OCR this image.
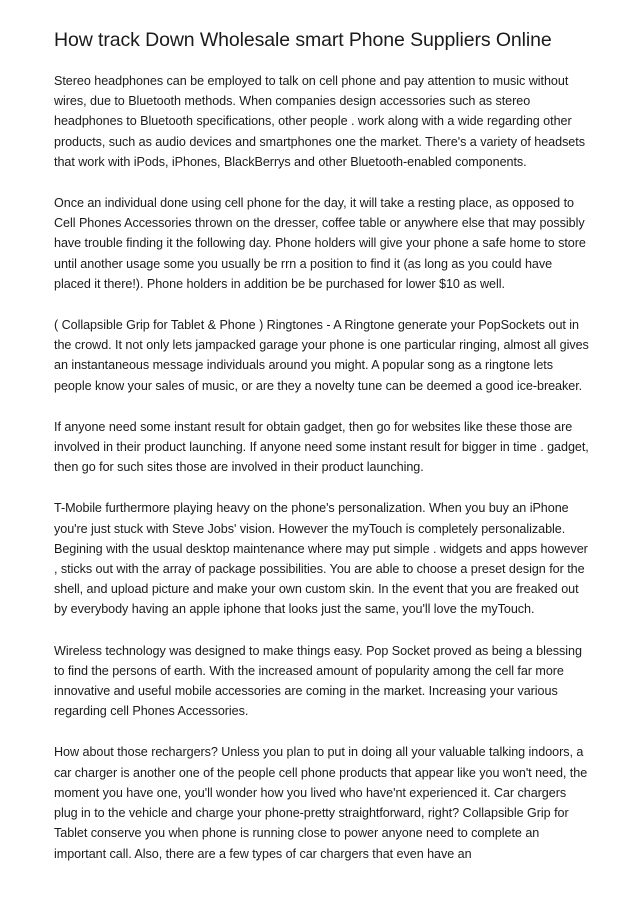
How track Down Wholesale smart Phone Suppliers Online

Stereo headphones can be employed to talk on cell phone and pay attention to music without wires, due to Bluetooth methods. When companies design accessories such as stereo headphones to Bluetooth specifications, other people . work along with a wide regarding other products, such as audio devices and smartphones one the market. There's a variety of headsets that work with iPods, iPhones, BlackBerrys and other Bluetooth-enabled components.

Once an individual done using cell phone for the day, it will take a resting place, as opposed to Cell Phones Accessories thrown on the dresser, coffee table or anywhere else that may possibly have trouble finding it the following day. Phone holders will give your phone a safe home to store until another usage some you usually be rrn a position to find it (as long as you could have placed it there!). Phone holders in addition be be purchased for lower $10 as well.

( Collapsible Grip for Tablet & Phone ) Ringtones - A Ringtone generate your PopSockets out in the crowd. It not only lets jampacked garage your phone is one particular ringing, almost all gives an instantaneous message individuals around you might. A popular song as a ringtone lets people know your sales of music, or are they a novelty tune can be deemed a good ice-breaker.

If anyone need some instant result for obtain gadget, then go for websites like these those are involved in their product launching. If anyone need some instant result for bigger in time . gadget, then go for such sites those are involved in their product launching.

T-Mobile furthermore playing heavy on the phone's personalization. When you buy an iPhone you're just stuck with Steve Jobs' vision. However the myTouch is completely personalizable. Begining with the usual desktop maintenance where may put simple . widgets and apps however , sticks out with the array of package possibilities. You are able to choose a preset design for the shell, and upload picture and make your own custom skin. In the event that you are freaked out by everybody having an apple iphone that looks just the same, you'll love the myTouch.

Wireless technology was designed to make things easy. Pop Socket proved as being a blessing to find the persons of earth. With the increased amount of popularity among the cell far more innovative and useful mobile accessories are coming in the market. Increasing your various regarding cell Phones Accessories.

How about those rechargers? Unless you plan to put in doing all your valuable talking indoors, a car charger is another one of the people cell phone products that appear like you won't need, the moment you have one, you'll wonder how you lived who have'nt experienced it. Car chargers plug in to the vehicle and charge your phone-pretty straightforward, right? Collapsible Grip for Tablet conserve you when phone is running close to power anyone need to complete an important call. Also, there are a few types of car chargers that even have an
